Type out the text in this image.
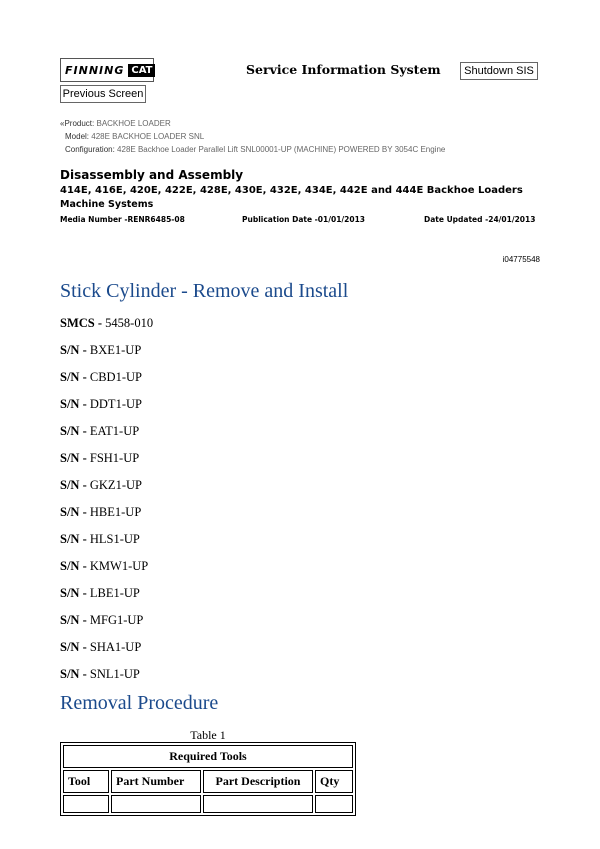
FINNING CAT	Service Information System	Shutdown SIS
Previous Screen
«Product: BACKHOE LOADER
Model: 428E BACKHOE LOADER SNL
Configuration: 428E Backhoe Loader Parallel Lift SNL00001-UP (MACHINE) POWERED BY 3054C Engine
Disassembly and Assembly
414E, 416E, 420E, 422E, 428E, 430E, 432E, 434E, 442E and 444E Backhoe Loaders
Machine Systems
Media Number -RENR6485-08	Publication Date -01/01/2013	Date Updated -24/01/2013
i04775548
Stick Cylinder - Remove and Install
SMCS - 5458-010
S/N - BXE1-UP
S/N - CBD1-UP
S/N - DDT1-UP
S/N - EAT1-UP
S/N - FSH1-UP
S/N - GKZ1-UP
S/N - HBE1-UP
S/N - HLS1-UP
S/N - KMW1-UP
S/N - LBE1-UP
S/N - MFG1-UP
S/N - SHA1-UP
S/N - SNL1-UP
Removal Procedure
Table 1
Required Tools			
Tool	Part Number	Part Description	Qty
